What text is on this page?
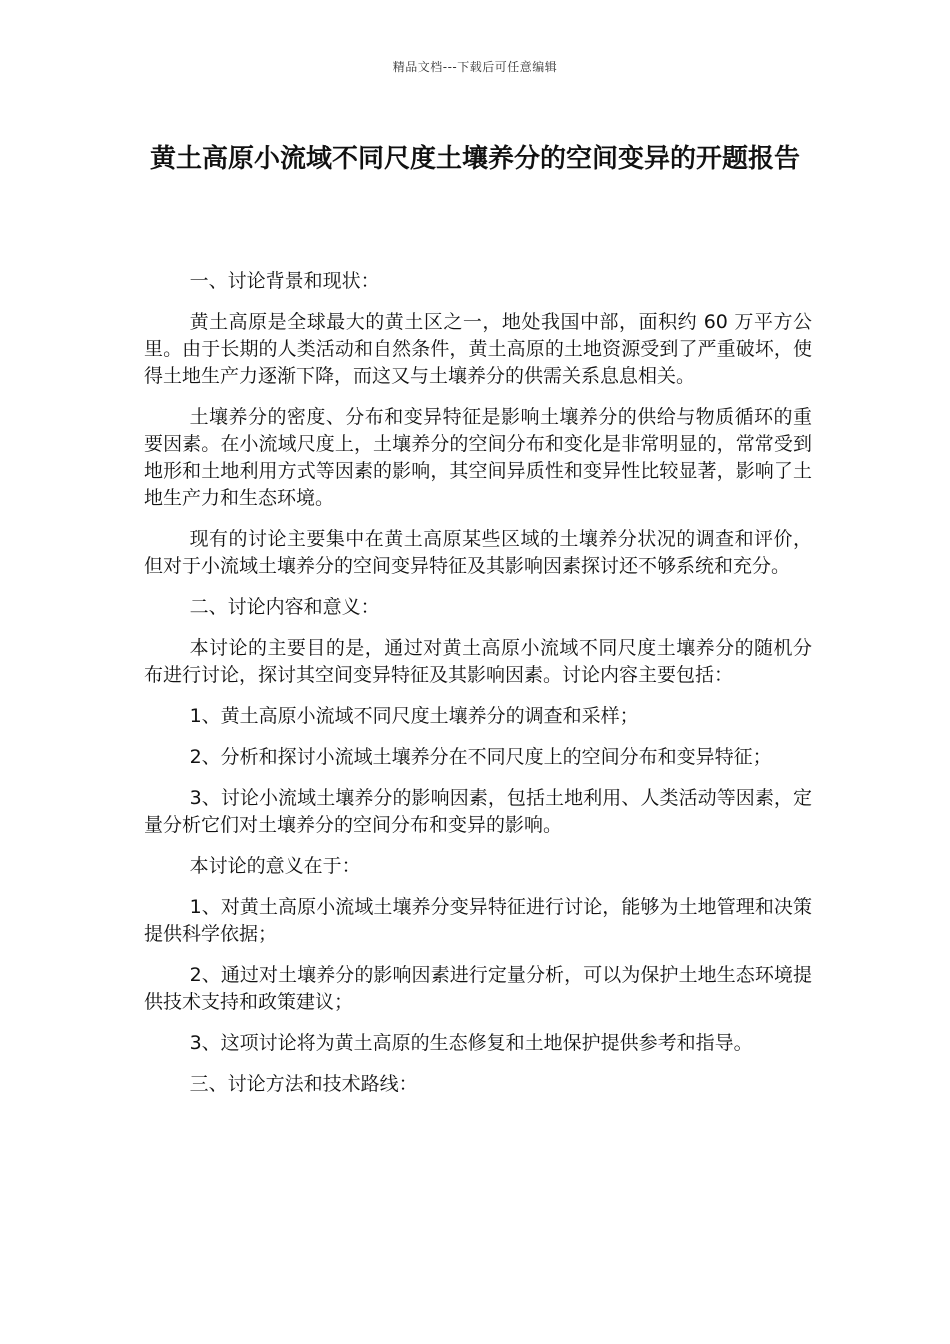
精品文档---下载后可任意编辑
黄土高原小流域不同尺度土壤养分的空间变异的开题报告

一、讨论背景和现状：

黄土高原是全球最大的黄土区之一，地处我国中部，面积约 60 万平方公里。由于长期的人类活动和自然条件，黄土高原的土地资源受到了严重破坏，使得土地生产力逐渐下降，而这又与土壤养分的供需关系息息相关。

土壤养分的密度、分布和变异特征是影响土壤养分的供给与物质循环的重要因素。在小流域尺度上，土壤养分的空间分布和变化是非常明显的，常常受到地形和土地利用方式等因素的影响，其空间异质性和变异性比较显著，影响了土地生产力和生态环境。

现有的讨论主要集中在黄土高原某些区域的土壤养分状况的调查和评价，但对于小流域土壤养分的空间变异特征及其影响因素探讨还不够系统和充分。

二、讨论内容和意义：

本讨论的主要目的是，通过对黄土高原小流域不同尺度土壤养分的随机分布进行讨论，探讨其空间变异特征及其影响因素。讨论内容主要包括：

1、黄土高原小流域不同尺度土壤养分的调查和采样；

2、分析和探讨小流域土壤养分在不同尺度上的空间分布和变异特征；

3、讨论小流域土壤养分的影响因素，包括土地利用、人类活动等因素，定量分析它们对土壤养分的空间分布和变异的影响。

本讨论的意义在于：

1、对黄土高原小流域土壤养分变异特征进行讨论，能够为土地管理和决策提供科学依据；

2、通过对土壤养分的影响因素进行定量分析，可以为保护土地生态环境提供技术支持和政策建议；

3、这项讨论将为黄土高原的生态修复和土地保护提供参考和指导。

三、讨论方法和技术路线：
